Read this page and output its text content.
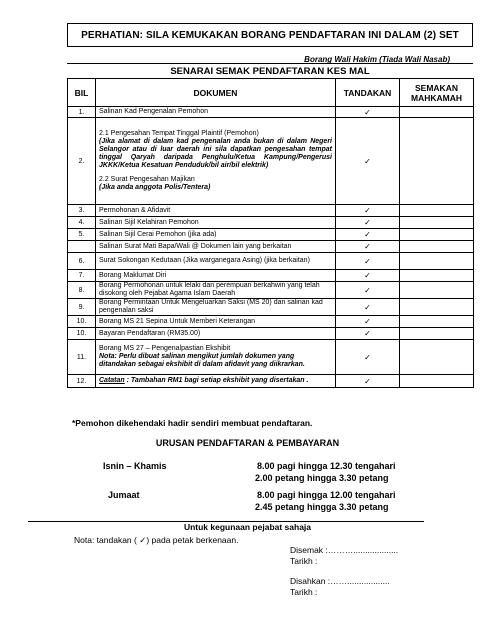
PERHATIAN: SILA KEMUKAKAN BORANG PENDAFTARAN INI DALAM (2) SET
Borang Wali Hakim (Tiada Wali Nasab)
SENARAI SEMAK PENDAFTARAN KES MAL
BIL	DOKUMEN	TANDAKAN	SEMAKAN MAHKAMAH
1.	Salinan Kad Pengenalan Pemohon	✓	
2.	2.1 Pengesahan Tempat Tinggal Plaintif (Pemohon)
(Jika alamat di dalam kad pengenalan anda bukan di dalam Negeri Selangor atau di luar daerah ini sila dapatkan pengesahan tempat tinggal Qaryah daripada Penghulu/Ketua Kampung/Pengerusi JKKK/Ketua Kesatuan Penduduk/bil air/bil elektrik)
2.2 Surat Pengesahan Majikan
(Jika anda anggota Polis/Tentera)	✓	
3.	Permohonan & Afidavit	✓	
4.	Salinan Sijil Kelahiran Pemohon	✓	
5.	Salinan Sijil Cerai Pemohon (jika ada)	✓	
	Salinan Surat Mati Bapa/Wali @ Dokumen lain yang berkaitan	✓	
6.	Surat Sokongan Kedutaan (Jika warganegara Asing) (jika berkaitan)	✓	
7.	Borang Maklumat Diri	✓	
8.	Borang Permohonan untuk lelaki dan perempuan berkahwin yang telah disokong oleh Pejabat Agama Islam Daerah	✓	
9.	Borang Permintaan Untuk Mengeluarkan Saksi (MS 20) dan salinan kad pengenalan saksi	✓	
10.	Borang MS 21 Sepina Untuk Memberi Keterangan	✓	
10.	Bayaran Pendaftaran (RM35.00)	✓	
11.	Borang MS 27 – Pengenalpastian Ekshibit
Nota: Perlu dibuat salinan mengikut jumlah dokumen yang ditandakan sebagai ekshibit di dalam afidavit yang diikrarkan.	✓	
12.	Catatan : Tambahan RM1 bagi setiap ekshibit yang disertakan .	✓	
*Pemohon dikehendaki hadir sendiri membuat pendaftaran.
URUSAN PENDAFTARAN & PEMBAYARAN
Isnin – Khamis	8.00 pagi hingga 12.30 tengahari
2.00 petang hingga 3.30 petang
Jumaat	8.00 pagi hingga 12.00 tengahari
2.45 petang hingga 3.30 petang
Untuk kegunaan pejabat sahaja
Nota: tandakan ( ✓) pada petak berkenaan.
Disemak :………...................
Tarikh :
Disahkan :……..................
Tarikh :
